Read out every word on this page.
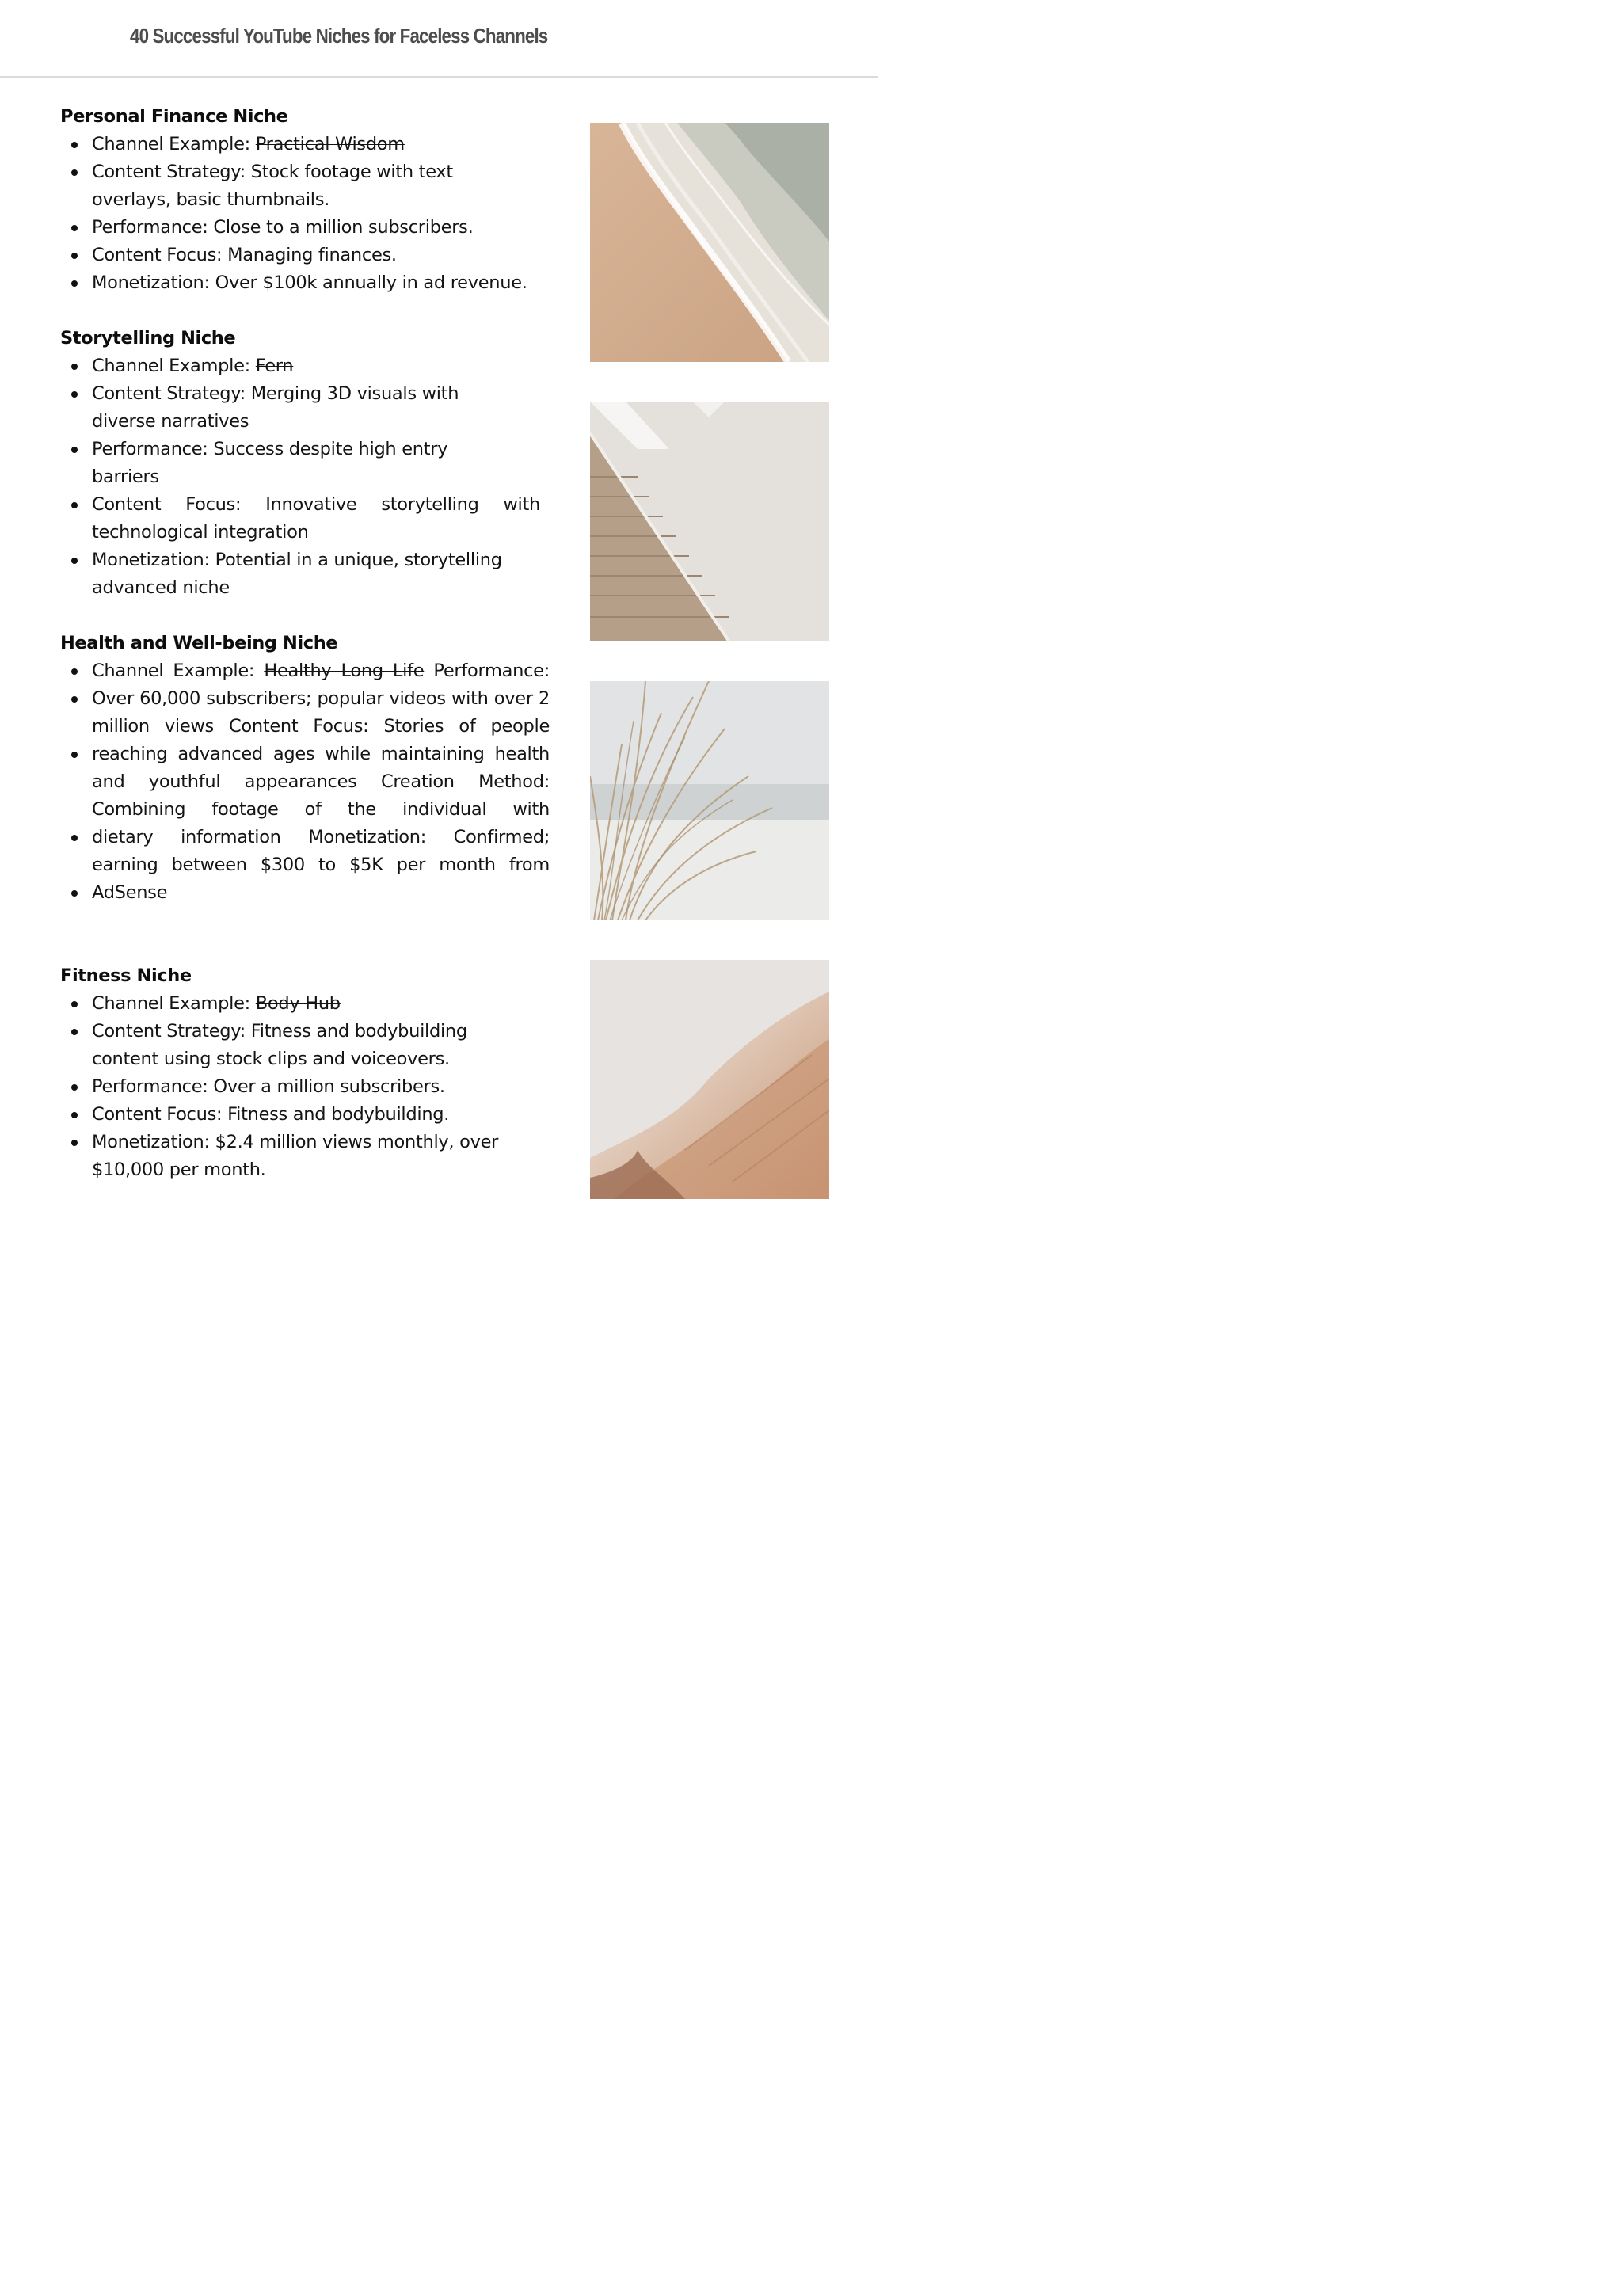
40 Successful YouTube Niches for Faceless Channels
Personal Finance Niche
Channel Example: Practical Wisdom
Content Strategy: Stock footage with text overlays, basic thumbnails.
Performance: Close to a million subscribers.
Content Focus: Managing finances.
Monetization: Over $100k annually in ad revenue.
Storytelling Niche
Channel Example: Fern
Content Strategy: Merging 3D visuals with diverse narratives
Performance: Success despite high entry barriers
Content Focus: Innovative storytelling with technological integration
Monetization: Potential in a unique, storytelling advanced niche
Health and Well-being Niche
Channel Example: Healthy Long Life Performance:
Over 60,000 subscribers; popular videos with over 2 million views Content Focus: Stories of people
reaching advanced ages while maintaining health and youthful appearances Creation Method: Combining footage of the individual with
dietary information Monetization: Confirmed; earning between $300 to $5K per month from
AdSense
Fitness Niche
Channel Example: Body Hub
Content Strategy: Fitness and bodybuilding content using stock clips and voiceovers.
Performance: Over a million subscribers.
Content Focus: Fitness and bodybuilding.
Monetization: $2.4 million views monthly, over $10,000 per month.
